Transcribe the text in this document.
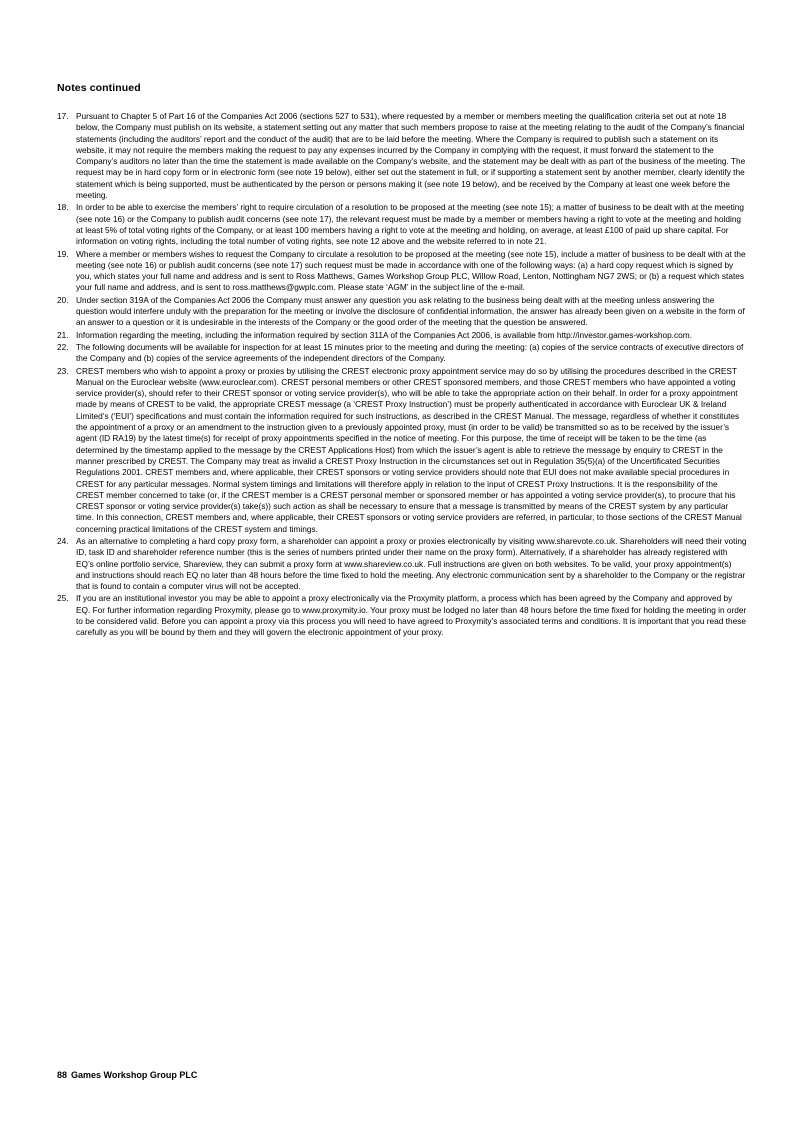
Notes continued
17. Pursuant to Chapter 5 of Part 16 of the Companies Act 2006 (sections 527 to 531), where requested by a member or members meeting the qualification criteria set out at note 18 below, the Company must publish on its website, a statement setting out any matter that such members propose to raise at the meeting relating to the audit of the Company’s financial statements (including the auditors’ report and the conduct of the audit) that are to be laid before the meeting. Where the Company is required to publish such a statement on its website, it may not require the members making the request to pay any expenses incurred by the Company in complying with the request, it must forward the statement to the Company’s auditors no later than the time the statement is made available on the Company’s website, and the statement may be dealt with as part of the business of the meeting. The request may be in hard copy form or in electronic form (see note 19 below), either set out the statement in full, or if supporting a statement sent by another member, clearly identify the statement which is being supported, must be authenticated by the person or persons making it (see note 19 below), and be received by the Company at least one week before the meeting.
18. In order to be able to exercise the members’ right to require circulation of a resolution to be proposed at the meeting (see note 15); a matter of business to be dealt with at the meeting (see note 16) or the Company to publish audit concerns (see note 17), the relevant request must be made by a member or members having a right to vote at the meeting and holding at least 5% of total voting rights of the Company, or at least 100 members having a right to vote at the meeting and holding, on average, at least £100 of paid up share capital. For information on voting rights, including the total number of voting rights, see note 12 above and the website referred to in note 21.
19. Where a member or members wishes to request the Company to circulate a resolution to be proposed at the meeting (see note 15), include a matter of business to be dealt with at the meeting (see note 16) or publish audit concerns (see note 17) such request must be made in accordance with one of the following ways: (a) a hard copy request which is signed by you, which states your full name and address and is sent to Ross Matthews, Games Workshop Group PLC, Willow Road, Lenton, Nottingham NG7 2WS; or (b) a request which states your full name and address, and is sent to ross.matthews@gwplc.com. Please state ‘AGM’ in the subject line of the e-mail.
20. Under section 319A of the Companies Act 2006 the Company must answer any question you ask relating to the business being dealt with at the meeting unless answering the question would interfere unduly with the preparation for the meeting or involve the disclosure of confidential information, the answer has already been given on a website in the form of an answer to a question or it is undesirable in the interests of the Company or the good order of the meeting that the question be answered.
21. Information regarding the meeting, including the information required by section 311A of the Companies Act 2006, is available from http://investor.games-workshop.com.
22. The following documents will be available for inspection for at least 15 minutes prior to the meeting and during the meeting: (a) copies of the service contracts of executive directors of the Company and (b) copies of the service agreements of the independent directors of the Company.
23. CREST members who wish to appoint a proxy or proxies by utilising the CREST electronic proxy appointment service may do so by utilising the procedures described in the CREST Manual on the Euroclear website (www.euroclear.com). CREST personal members or other CREST sponsored members, and those CREST members who have appointed a voting service provider(s), should refer to their CREST sponsor or voting service provider(s), who will be able to take the appropriate action on their behalf. In order for a proxy appointment made by means of CREST to be valid, the appropriate CREST message (a ‘CREST Proxy Instruction’) must be properly authenticated in accordance with Euroclear UK & Ireland Limited’s (‘EUI’) specifications and must contain the information required for such instructions, as described in the CREST Manual. The message, regardless of whether it constitutes the appointment of a proxy or an amendment to the instruction given to a previously appointed proxy, must (in order to be valid) be transmitted so as to be received by the issuer’s agent (ID RA19) by the latest time(s) for receipt of proxy appointments specified in the notice of meeting. For this purpose, the time of receipt will be taken to be the time (as determined by the timestamp applied to the message by the CREST Applications Host) from which the issuer’s agent is able to retrieve the message by enquiry to CREST in the manner prescribed by CREST. The Company may treat as invalid a CREST Proxy Instruction in the circumstances set out in Regulation 35(5)(a) of the Uncertificated Securities Regulations 2001. CREST members and, where applicable, their CREST sponsors or voting service providers should note that EUI does not make available special procedures in CREST for any particular messages. Normal system timings and limitations will therefore apply in relation to the input of CREST Proxy Instructions. It is the responsibility of the CREST member concerned to take (or, if the CREST member is a CREST personal member or sponsored member or has appointed a voting service provider(s), to procure that his CREST sponsor or voting service provider(s) take(s)) such action as shall be necessary to ensure that a message is transmitted by means of the CREST system by any particular time. In this connection, CREST members and, where applicable, their CREST sponsors or voting service providers are referred, in particular, to those sections of the CREST Manual concerning practical limitations of the CREST system and timings.
24. As an alternative to completing a hard copy proxy form, a shareholder can appoint a proxy or proxies electronically by visiting www.sharevote.co.uk. Shareholders will need their voting ID, task ID and shareholder reference number (this is the series of numbers printed under their name on the proxy form). Alternatively, if a shareholder has already registered with EQ’s online portfolio service, Shareview, they can submit a proxy form at www.shareview.co.uk. Full instructions are given on both websites. To be valid, your proxy appointment(s) and instructions should reach EQ no later than 48 hours before the time fixed to hold the meeting. Any electronic communication sent by a shareholder to the Company or the registrar that is found to contain a computer virus will not be accepted.
25. If you are an institutional investor you may be able to appoint a proxy electronically via the Proxymity platform, a process which has been agreed by the Company and approved by EQ. For further information regarding Proxymity, please go to www.proxymity.io. Your proxy must be lodged no later than 48 hours before the time fixed for holding the meeting in order to be considered valid. Before you can appoint a proxy via this process you will need to have agreed to Proxymity’s associated terms and conditions. It is important that you read these carefully as you will be bound by them and they will govern the electronic appointment of your proxy.
88 Games Workshop Group PLC
